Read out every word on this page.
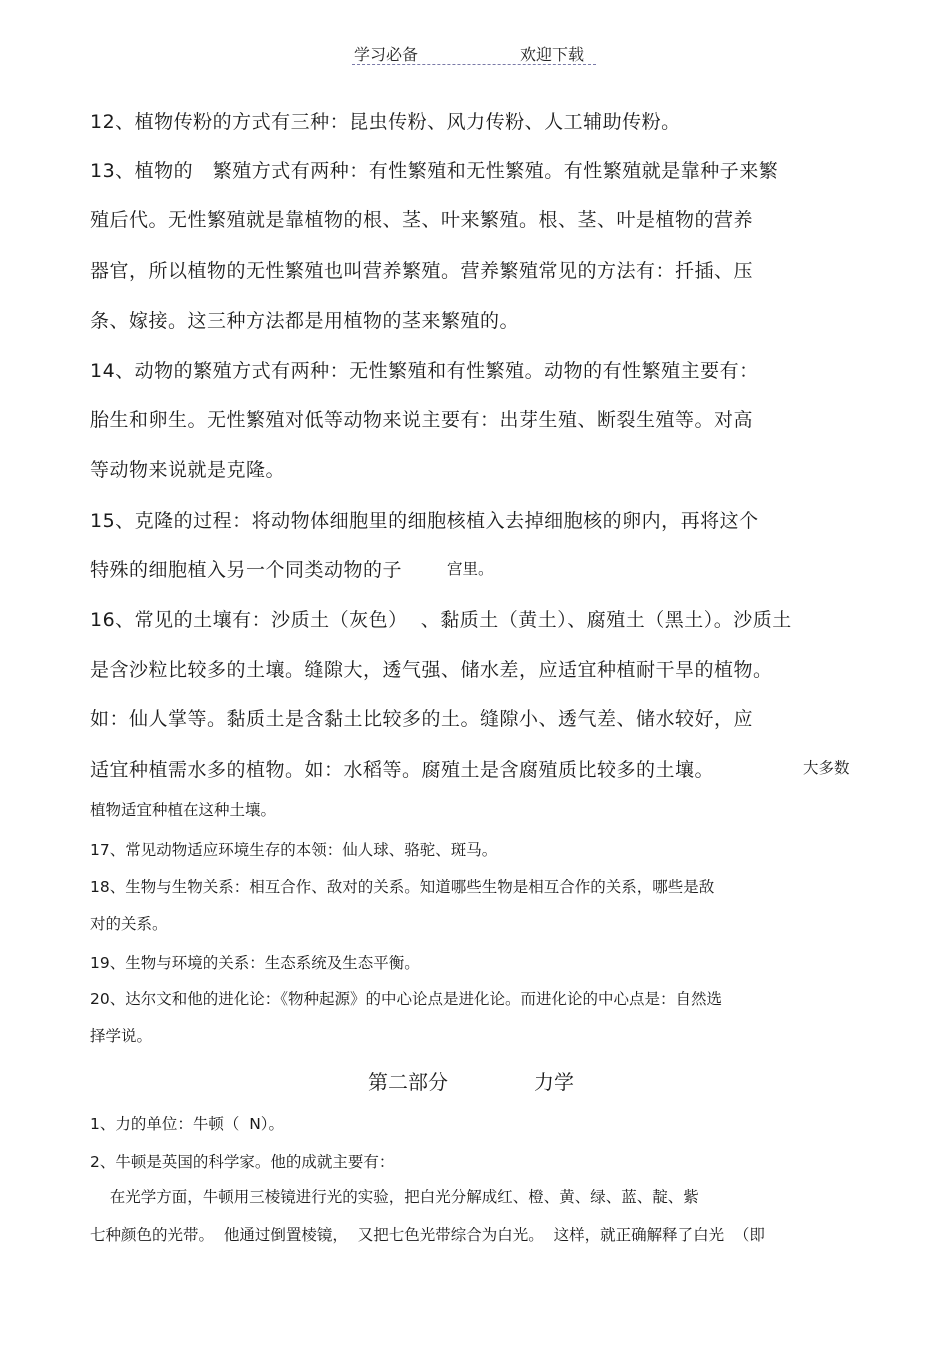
学习必备	欢迎下载
12、植物传粉的方式有三种：昆虫传粉、风力传粉、人工辅助传粉。
13、植物的   繁殖方式有两种：有性繁殖和无性繁殖。有性繁殖就是靠种子来繁
殖后代。无性繁殖就是靠植物的根、茎、叶来繁殖。根、茎、叶是植物的营养
器官，所以植物的无性繁殖也叫营养繁殖。营养繁殖常见的方法有：扦插、压
条、嫁接。这三种方法都是用植物的茎来繁殖的。
14、动物的繁殖方式有两种：无性繁殖和有性繁殖。动物的有性繁殖主要有：
胎生和卵生。无性繁殖对低等动物来说主要有：出芽生殖、断裂生殖等。对高
等动物来说就是克隆。
15、克隆的过程：将动物体细胞里的细胞核植入去掉细胞核的卵内，再将这个
特殊的细胞植入另一个同类动物的子	宫里。
16、常见的土壤有：沙质土（灰色）  、黏质土（黄土）、腐殖土（黑土）。沙质土
是含沙粒比较多的土壤。缝隙大，透气强、储水差，应适宜种植耐干旱的植物。
如：仙人掌等。黏质土是含黏土比较多的土。缝隙小、透气差、储水较好，应
适宜种植需水多的植物。如：水稻等。腐殖土是含腐殖质比较多的土壤。	大多数
植物适宜种植在这种土壤。
17、常见动物适应环境生存的本领：仙人球、骆驼、斑马。
18、生物与生物关系：相互合作、敌对的关系。知道哪些生物是相互合作的关系，哪些是敌
对的关系。
19、生物与环境的关系：生态系统及生态平衡。
20、达尔文和他的进化论：《物种起源》的中心论点是进化论。而进化论的中心点是：自然选
择学说。
第二部分	力学
1、力的单位：牛顿（  N）。
2、牛顿是英国的科学家。他的成就主要有：
在光学方面，牛顿用三棱镜进行光的实验，把白光分解成红、橙、黄、绿、蓝、靛、紫
七种颜色的光带。  他通过倒置棱镜，  又把七色光带综合为白光。  这样，就正确解释了白光  （即
